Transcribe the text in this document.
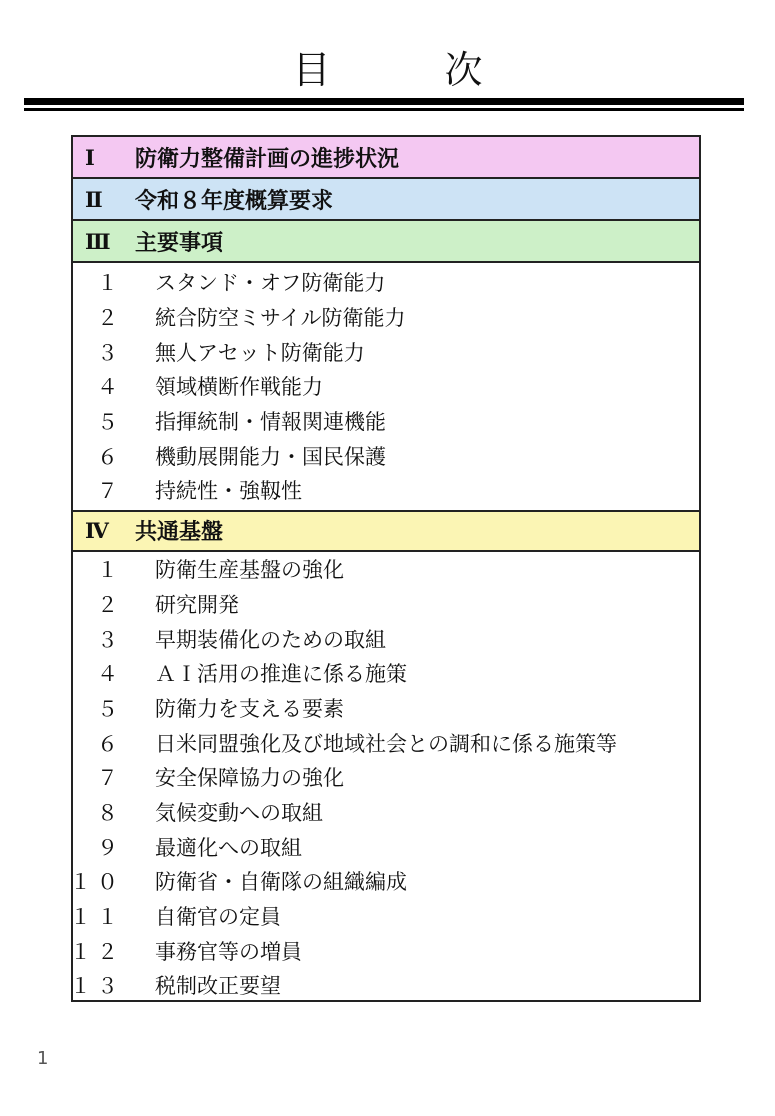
目　次
Ⅰ 防衛力整備計画の進捗状況
Ⅱ 令和８年度概算要求
Ⅲ 主要事項
１ スタンド・オフ防衛能力
２ 統合防空ミサイル防衛能力
３ 無人アセット防衛能力
４ 領域横断作戦能力
５ 指揮統制・情報関連機能
６ 機動展開能力・国民保護
７ 持続性・強靱性
Ⅳ 共通基盤
１ 防衛生産基盤の強化
２ 研究開発
３ 早期装備化のための取組
４ ＡＩ活用の推進に係る施策
５ 防衛力を支える要素
６ 日米同盟強化及び地域社会との調和に係る施策等
７ 安全保障協力の強化
８ 気候変動への取組
９ 最適化への取組
１０ 防衛省・自衛隊の組織編成
１１ 自衛官の定員
１２ 事務官等の増員
１３ 税制改正要望
1
